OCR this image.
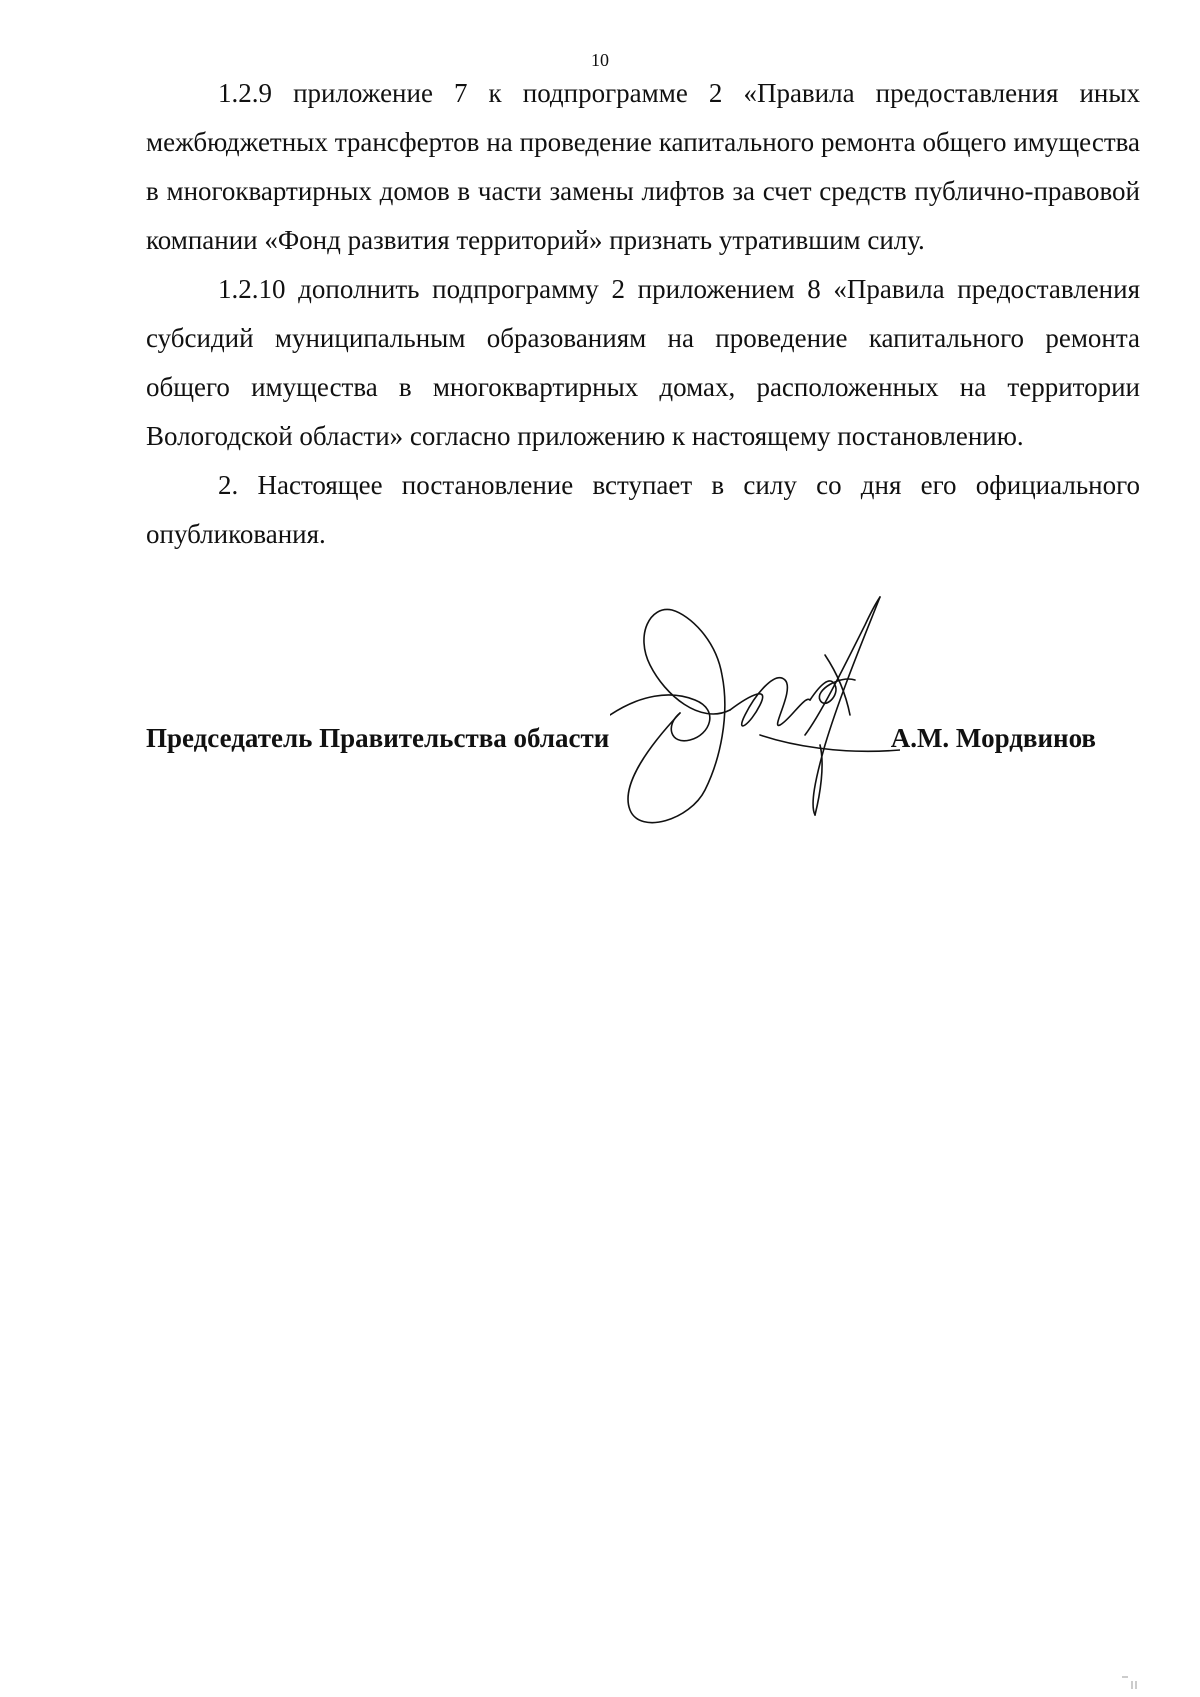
10

1.2.9 приложение 7 к подпрограмме 2 «Правила предоставления иных межбюджетных трансфертов на проведение капитального ремонта общего имущества в многоквартирных домов в части замены лифтов за счет средств публично-правовой компании «Фонд развития территорий» признать утратившим силу.

1.2.10 дополнить подпрограмму 2 приложением 8 «Правила предоставления субсидий муниципальным образованиям на проведение капитального ремонта общего имущества в многоквартирных домах, расположенных на территории Вологодской области» согласно приложению к настоящему постановлению.

2. Настоящее постановление вступает в силу со дня его официального опубликования.

Председатель Правительства области	А.М. Мордвинов
